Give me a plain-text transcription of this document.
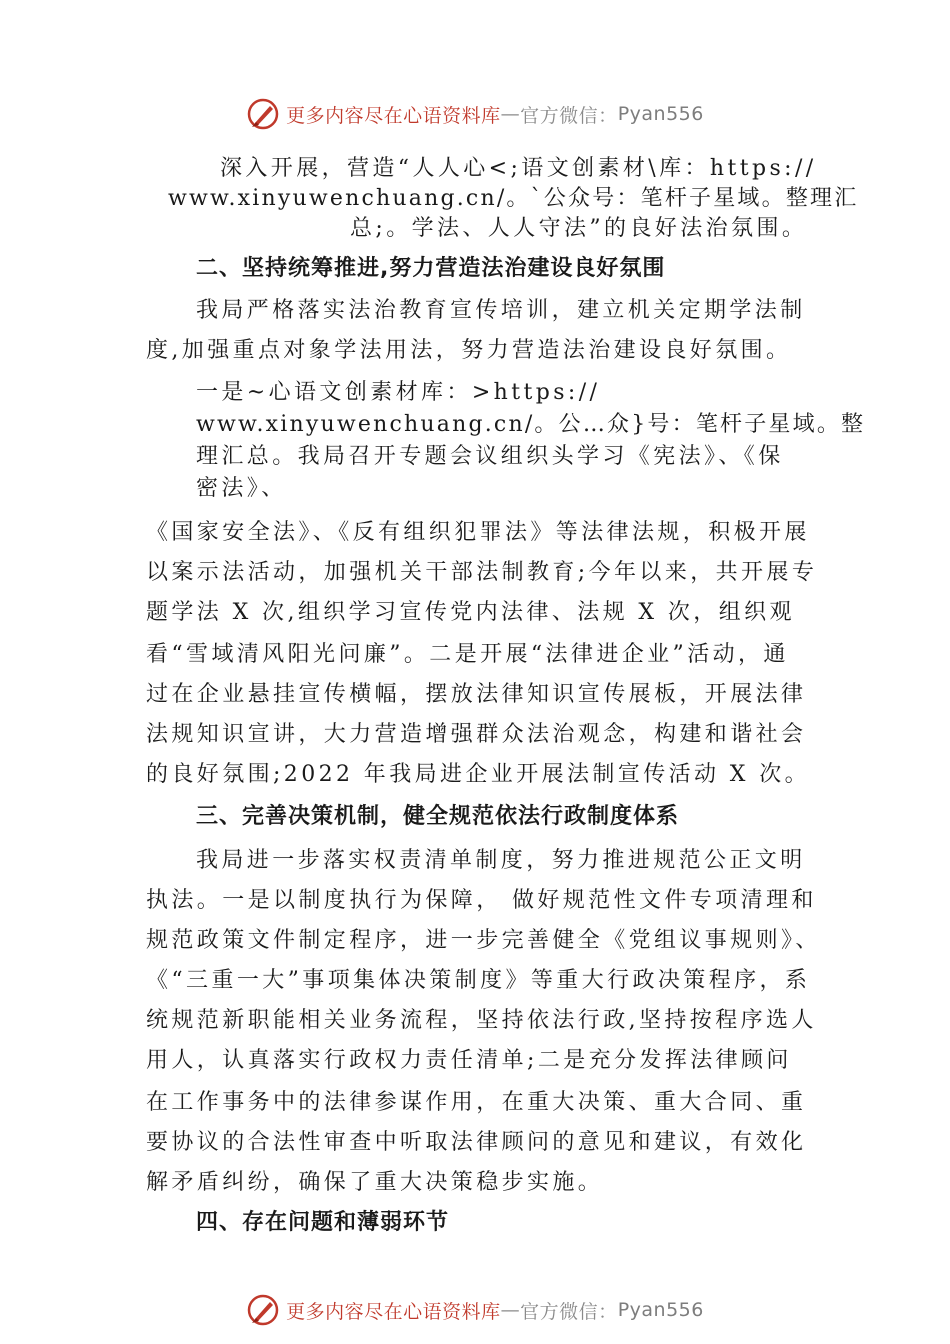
更多内容尽在心语资料库 — 官方微信： Pyan556
深入开展，营造“人人心<;语文创素材\库：https://
www.xinyuwenchuang.cn/。`公众号：笔杆子星域。整理汇
总;。学法、人人守法”的良好法治氛围。
二、坚持统筹推进,努力营造法治建设良好氛围
我局严格落实法治教育宣传培训，建立机关定期学法制
度,加强重点对象学法用法，努力营造法治建设良好氛围。
一是~心语文创素材库：>https://
www.xinyuwenchuang.cn/。公…众}号：笔杆子星域。整
理汇总。我局召开专题会议组织头学习《宪法》、《保
密法》、
《国家安全法》、《反有组织犯罪法》等法律法规，积极开展
以案示法活动，加强机关干部法制教育;今年以来，共开展专
题学法 X 次,组织学习宣传党内法律、法规 X 次，组织观
看“雪域清风阳光问廉”。二是开展“法律进企业”活动，通
过在企业悬挂宣传横幅，摆放法律知识宣传展板，开展法律
法规知识宣讲，大力营造增强群众法治观念，构建和谐社会
的良好氛围;2022 年我局进企业开展法制宣传活动 X 次。
三、完善决策机制，健全规范依法行政制度体系
我局进一步落实权责清单制度，努力推进规范公正文明
执法。一是以制度执行为保障， 做好规范性文件专项清理和
规范政策文件制定程序，进一步完善健全《党组议事规则》、
《“三重一大”事项集体决策制度》等重大行政决策程序，系
统规范新职能相关业务流程，坚持依法行政,坚持按程序选人
用人，认真落实行政权力责任清单;二是充分发挥法律顾问
在工作事务中的法律参谋作用，在重大决策、重大合同、重
要协议的合法性审查中听取法律顾问的意见和建议，有效化
解矛盾纠纷，确保了重大决策稳步实施。
四、存在问题和薄弱环节
更多内容尽在心语资料库 — 官方微信： Pyan556
